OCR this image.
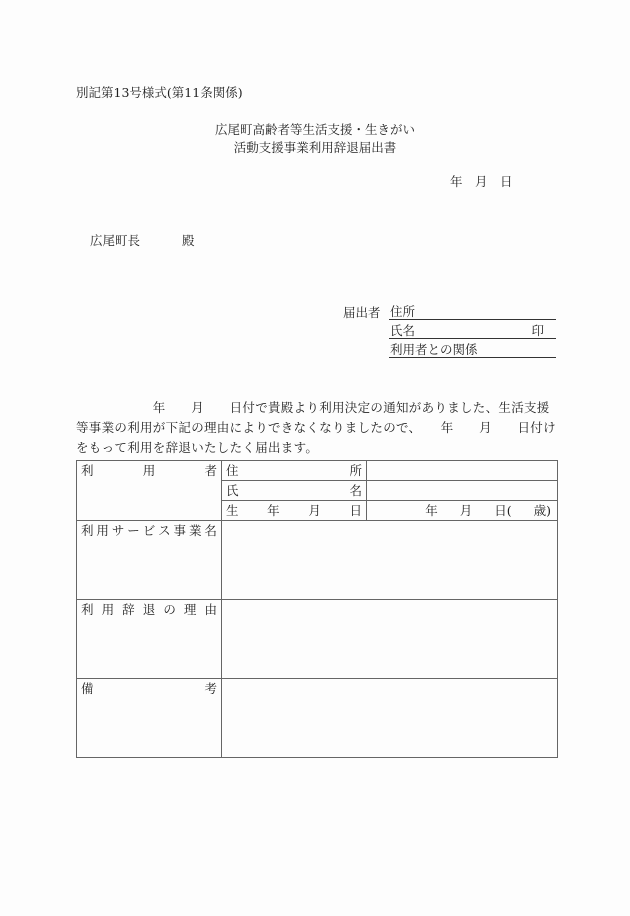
別記第13号様式(第11条関係)
広尾町高齢者等生活支援・生きがい
活動支援事業利用辞退届出書
年　月　日
広尾町長	殿
届出者 住所
氏名	印
利用者との関係
　　　　　　年　　月　　日付で貴殿より利用決定の通知がありました、生活支援等事業の利用が下記の理由によりできなくなりましたので、　　年　　月　　日付けをもって利用を辞退いたしたく届出ます。
利 用 者	住 所	

	氏 名	

	生 年 月 日	年 月 日( 歳)

利 用 サ ー ビ ス 事 業 名

利 用 辞 退 の 理 由

備 考		
